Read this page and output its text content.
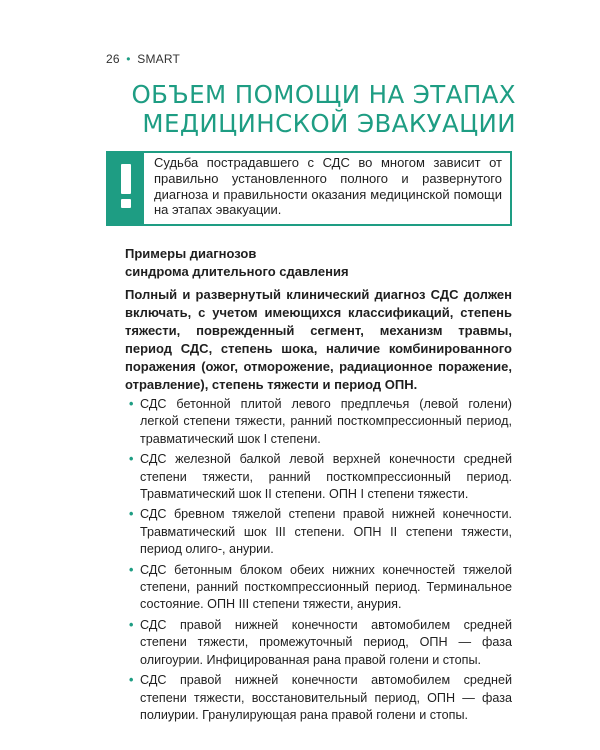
26 • SMART
ОБЪЕМ ПОМОЩИ НА ЭТАПАХ
МЕДИЦИНСКОЙ ЭВАКУАЦИИ
Судьба пострадавшего с СДС во многом зависит от правильно установленного полного и развернутого диагноза и правильности оказания медицинской помощи на этапах эвакуации.
Примеры диагнозов
синдрома длительного сдавления

Полный и развернутый клинический диагноз СДС должен включать, с учетом имеющихся классификаций, степень тяжести, поврежденный сегмент, механизм травмы, период СДС, степень шока, наличие комбинированного поражения (ожог, отморожение, радиационное поражение, отравление), степень тяжести и период ОПН.

• СДС бетонной плитой левого предплечья (левой голени) легкой степени тяжести, ранний посткомпрессионный период, травматический шок I степени.
• СДС железной балкой левой верхней конечности средней степени тяжести, ранний посткомпрессионный период. Травматический шок II степени. ОПН I степени тяжести.
• СДС бревном тяжелой степени правой нижней конечности. Травматический шок III степени. ОПН II степени тяжести, период олиго-, анурии.
• СДС бетонным блоком обеих нижних конечностей тяжелой степени, ранний посткомпрессионный период. Терминальное состояние. ОПН III степени тяжести, анурия.
• СДС правой нижней конечности автомобилем средней степени тяжести, промежуточный период, ОПН — фаза олигоурии. Инфицированная рана правой голени и стопы.
• СДС правой нижней конечности автомобилем средней степени тяжести, восстановительный период, ОПН — фаза полиурии. Гранулирующая рана правой голени и стопы.
